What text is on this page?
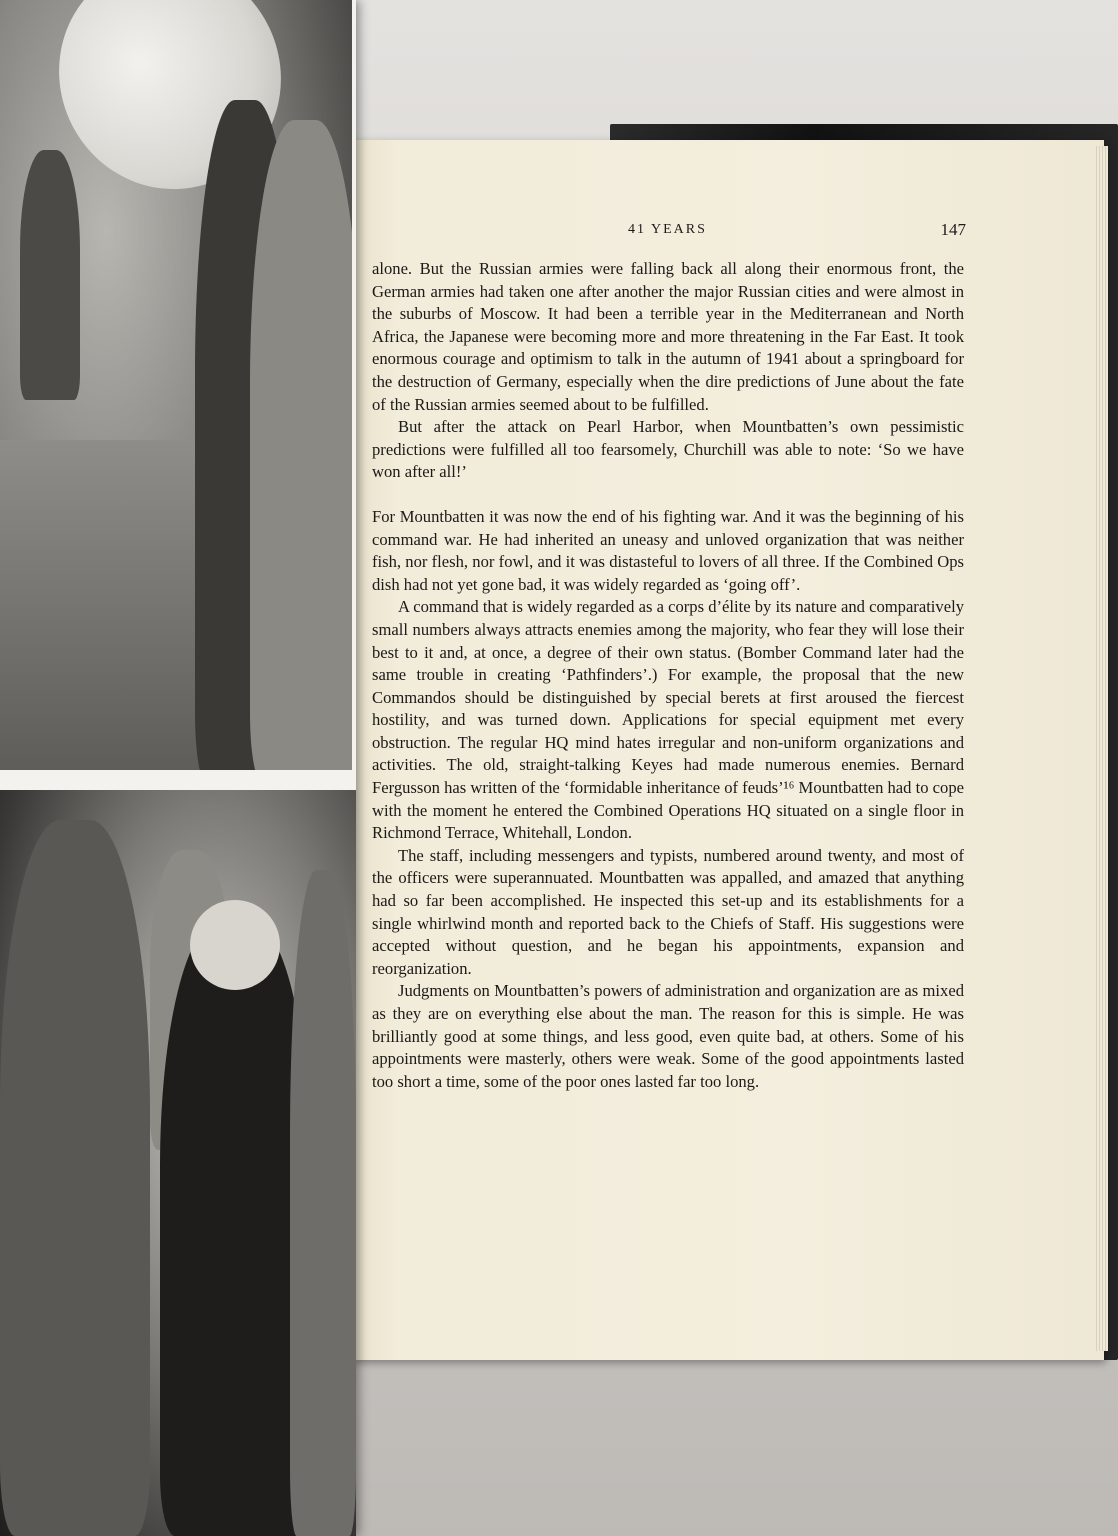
41 YEARS	147

alone. But the Russian armies were falling back all along their enormous front, the German armies had taken one after another the major Russian cities and were almost in the suburbs of Moscow. It had been a terrible year in the Mediterranean and North Africa, the Japanese were becoming more and more threatening in the Far East. It took enormous courage and optimism to talk in the autumn of 1941 about a springboard for the destruction of Germany, especially when the dire predictions of June about the fate of the Russian armies seemed about to be fulfilled.

But after the attack on Pearl Harbor, when Mountbatten’s own pessimistic predictions were fulfilled all too fearsomely, Churchill was able to note: ‘So we have won after all!’

For Mountbatten it was now the end of his fighting war. And it was the beginning of his command war. He had inherited an uneasy and unloved organization that was neither fish, nor flesh, nor fowl, and it was distasteful to lovers of all three. If the Combined Ops dish had not yet gone bad, it was widely regarded as ‘going off’.

A command that is widely regarded as a corps d’élite by its nature and comparatively small numbers always attracts enemies among the majority, who fear they will lose their best to it and, at once, a degree of their own status. (Bomber Command later had the same trouble in creating ‘Pathfinders’.) For example, the proposal that the new Commandos should be distinguished by special berets at first aroused the fiercest hostility, and was turned down. Applications for special equipment met every obstruction. The regular HQ mind hates irregular and non-uniform organizations and activities. The old, straight-talking Keyes had made numerous enemies. Bernard Fergusson has written of the ‘formidable inheritance of feuds’¹⁶ Mountbatten had to cope with the moment he entered the Combined Operations HQ situated on a single floor in Richmond Terrace, Whitehall, London.

The staff, including messengers and typists, numbered around twenty, and most of the officers were superannuated. Mountbatten was appalled, and amazed that anything had so far been accomplished. He inspected this set-up and its establishments for a single whirlwind month and reported back to the Chiefs of Staff. His suggestions were accepted without question, and he began his appointments, expansion and reorganization.

Judgments on Mountbatten’s powers of administration and organization are as mixed as they are on everything else about the man. The reason for this is simple. He was brilliantly good at some things, and less good, even quite bad, at others. Some of his appointments were masterly, others were weak. Some of the good appointments lasted too short a time, some of the poor ones lasted far too long.
